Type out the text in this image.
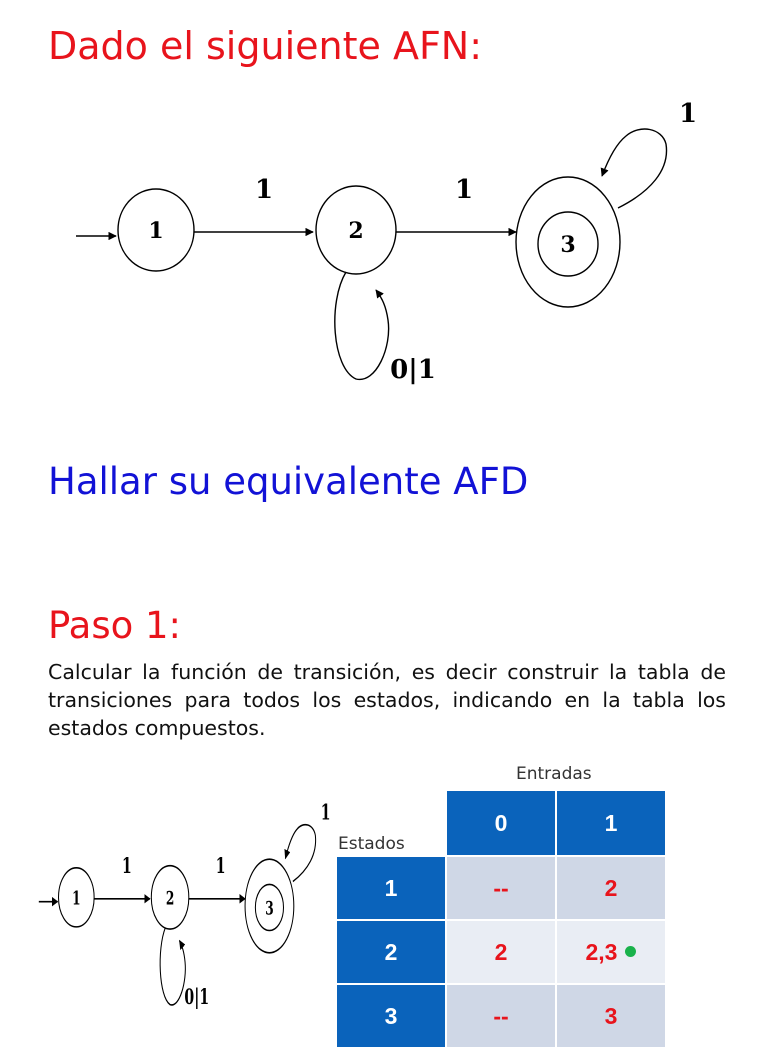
Dado el siguiente AFN:
1	2
3
1	1
0|1
1
Hallar su equivalente AFD
Paso 1:

Calcular la función de transición, es decir construir la tabla de transiciones para todos los estados, indicando en la tabla los estados compuestos.

1	2	3
1	1
0|1
1
Entradas
Estados
	0	1
1	--	2
2	2	2,3
3	--	3
